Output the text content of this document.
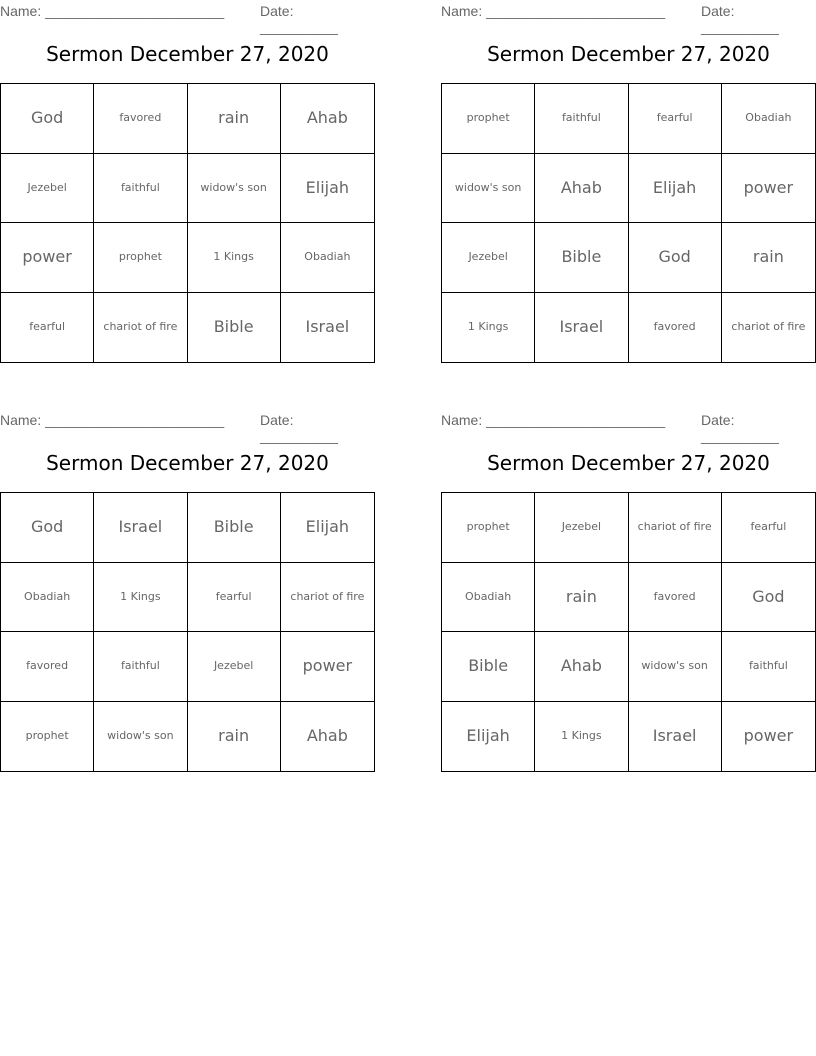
Name: _______________________	Date: __________
Sermon December 27, 2020
God	favored	rain	Ahab
Jezebel	faithful	widow's son	Elijah
power	prophet	1 Kings	Obadiah
fearful	chariot of fire	Bible	Israel
Name: _______________________	Date: __________
Sermon December 27, 2020
prophet	faithful	fearful	Obadiah
widow's son	Ahab	Elijah	power
Jezebel	Bible	God	rain
1 Kings	Israel	favored	chariot of fire
Name: _______________________	Date: __________
Sermon December 27, 2020
God	Israel	Bible	Elijah
Obadiah	1 Kings	fearful	chariot of fire
favored	faithful	Jezebel	power
prophet	widow's son	rain	Ahab
Name: _______________________	Date: __________
Sermon December 27, 2020
prophet	Jezebel	chariot of fire	fearful
Obadiah	rain	favored	God
Bible	Ahab	widow's son	faithful
Elijah	1 Kings	Israel	power
